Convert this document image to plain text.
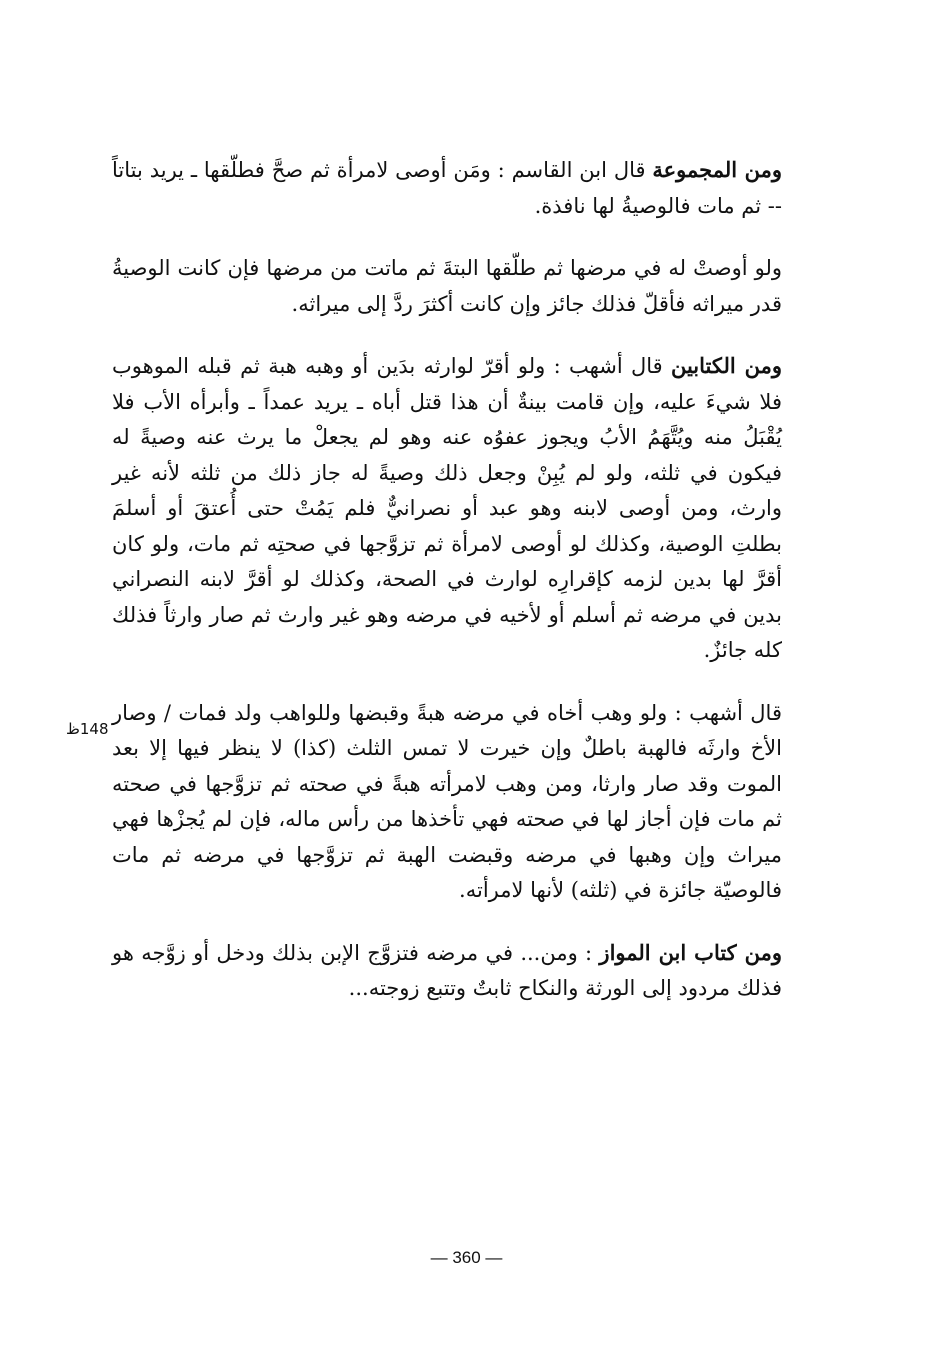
ومن المجموعة قال ابن القاسم : ومَن أوصى لامرأة ثم صحَّ فطلّقها ـ يريد بتاتاً -- ثم مات فالوصيةُ لها نافذة.

ولو أوصتْ له في مرضها ثم طلّقها البتةَ ثم ماتت من مرضها فإن كانت الوصيةُ قدر ميراثه فأقلّ فذلك جائز وإن كانت أكثرَ ردَّ إلى ميراثه.

ومن الكتابين قال أشهب : ولو أقرّ لوارثه بدَين أو وهبه هبة ثم قبله الموهوب فلا شيءَ عليه، وإن قامت بينةٌ أن هذا قتل أباه ـ يريد عمداً ـ وأبرأه الأب فلا يُقْبَلُ منه ويُتَّهَمُ الأبُ ويجوز عفوُه عنه وهو لم يجعلْ ما يرث عنه وصيةً له فيكون في ثلثه، ولو لم يُبِنْ وجعل ذلك وصيةً له جاز ذلك من ثلثه لأنه غير وارث، ومن أوصى لابنه وهو عبد أو نصرانيٌّ فلم يَمُتْ حتى أُعتقَ أو أسلمَ بطلتِ الوصية، وكذلك لو أوصى لامرأة ثم تزوَّجها في صحتِه ثم مات، ولو كان أقرَّ لها بدين لزمه كإقرارِه لوارث في الصحة، وكذلك لو أقرَّ لابنه النصراني بدين في مرضه ثم أسلم أو لأخيه في مرضه وهو غير وارث ثم صار وارثاً فذلك كله جائزٌ.

قال أشهب : ولو وهب أخاه في مرضه هبةً وقبضها وللواهب ولد فمات / وصار الأخ وارثَه فالهبة باطلٌ وإن خيرت لا تمس الثلث (كذا) لا ينظر فيها إلا بعد الموت وقد صار وارثا، ومن وهب لامرأته هبةً في صحته ثم تزوَّجها في صحته ثم مات فإن أجاز لها في صحته فهي تأخذها من رأس ماله، فإن لم يُجزْها فهي ميراث وإن وهبها في مرضه وقبضت الهبة ثم تزوَّجها في مرضه ثم مات فالوصيّة جائزة في (ثلثه) لأنها لامرأته.

ومن كتاب ابن المواز : ومن... في مرضه فتزوَّج الإبن بذلك ودخل أو زوَّجه هو فذلك مردود إلى الورثة والنكاح ثابتٌ وتتبع زوجته...

148ظ
— 360 —
